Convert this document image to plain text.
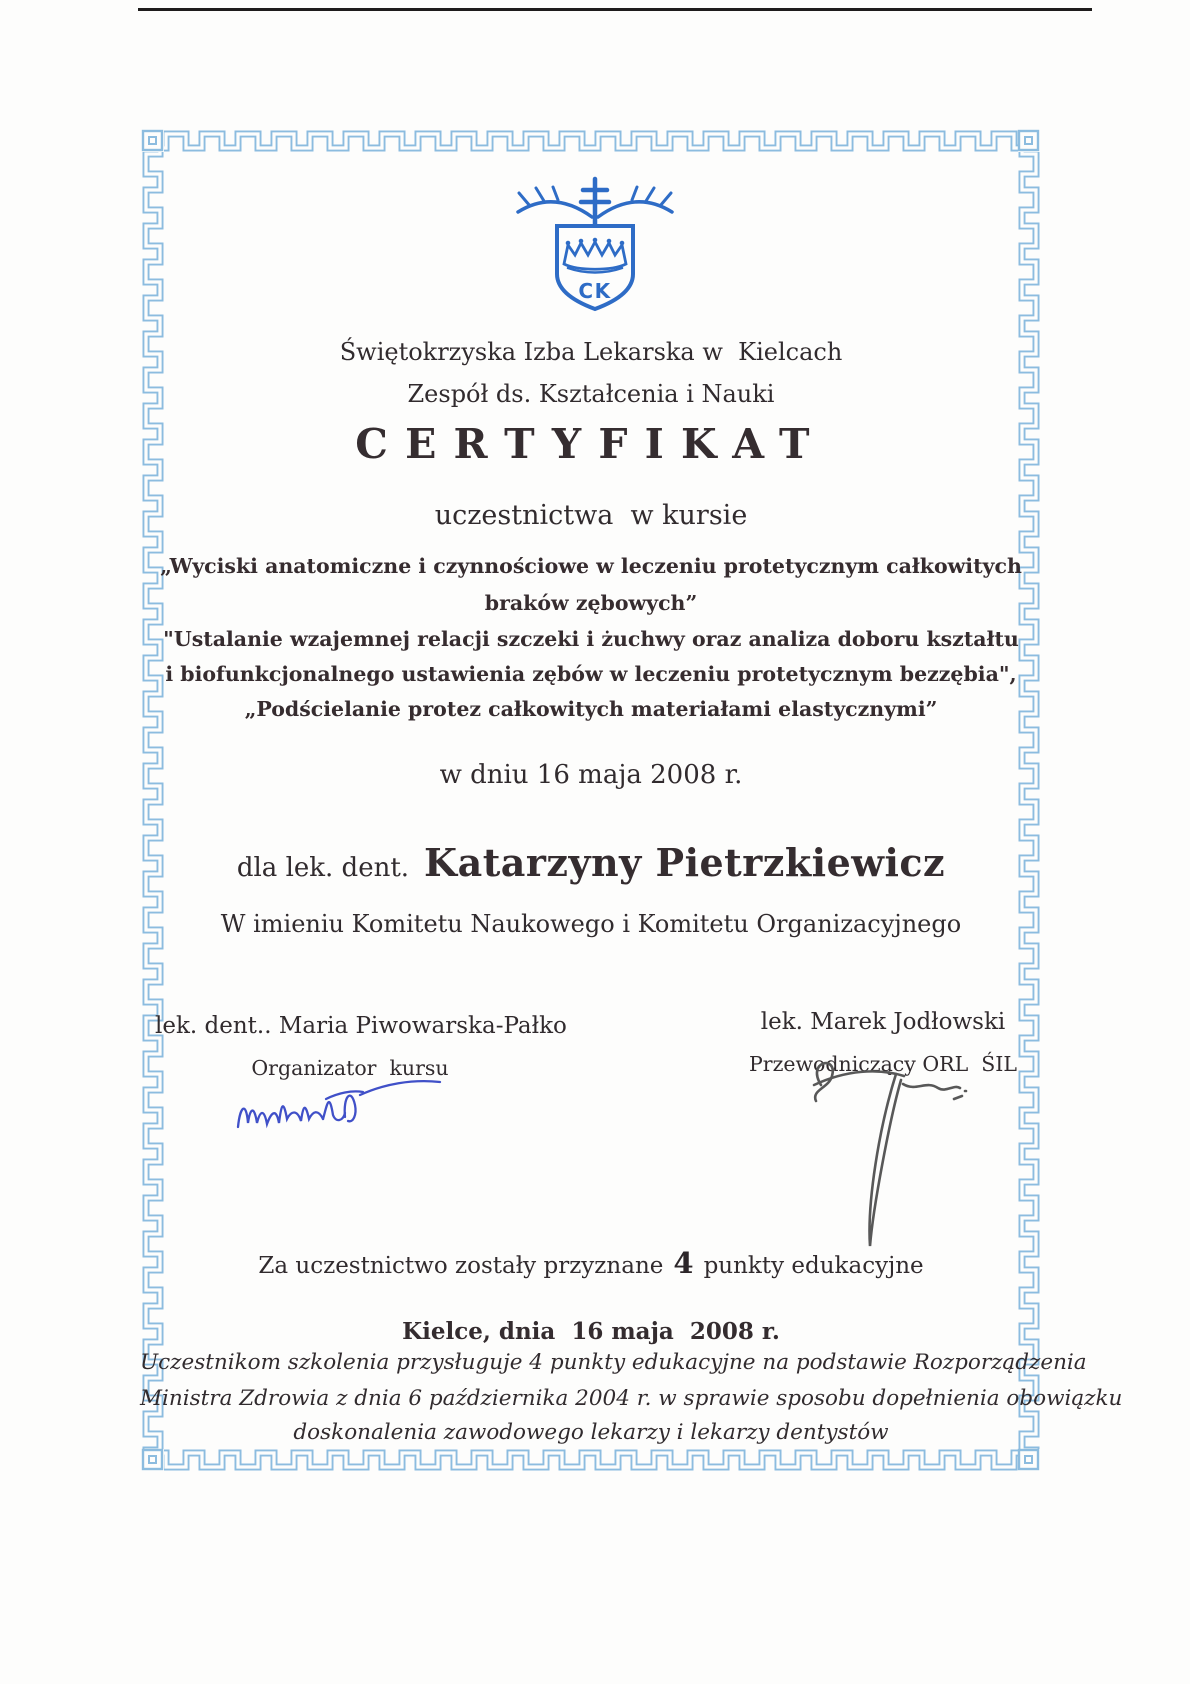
CK
Świętokrzyska Izba Lekarska w  Kielcach
Zespół ds. Kształcenia i Nauki
CERTYFIKAT
uczestnictwa  w kursie
„Wyciski anatomiczne i czynnościowe w leczeniu protetycznym całkowitych
braków zębowych”
"Ustalanie wzajemnej relacji szczeki i żuchwy oraz analiza doboru kształtu
i biofunkcjonalnego ustawienia zębów w leczeniu protetycznym bezzębia",
„Podścielanie protez całkowitych materiałami elastycznymi”
w dniu 16 maja 2008 r.
dla lek. dent. Katarzyny Pietrzkiewicz
W imieniu Komitetu Naukowego i Komitetu Organizacyjnego
lek. dent.. Maria Piwowarska-Pałko
Organizator  kursu
lek. Marek Jodłowski
Przewodniczący ORL  ŚIL
Za uczestnictwo zostały przyznane 4 punkty edukacyjne
Kielce, dnia  16 maja  2008 r.
Uczestnikom szkolenia przysługuje 4 punkty edukacyjne na podstawie Rozporządzenia
Ministra Zdrowia z dnia 6 października 2004 r. w sprawie sposobu dopełnienia obowiązku
doskonalenia zawodowego lekarzy i lekarzy dentystów
